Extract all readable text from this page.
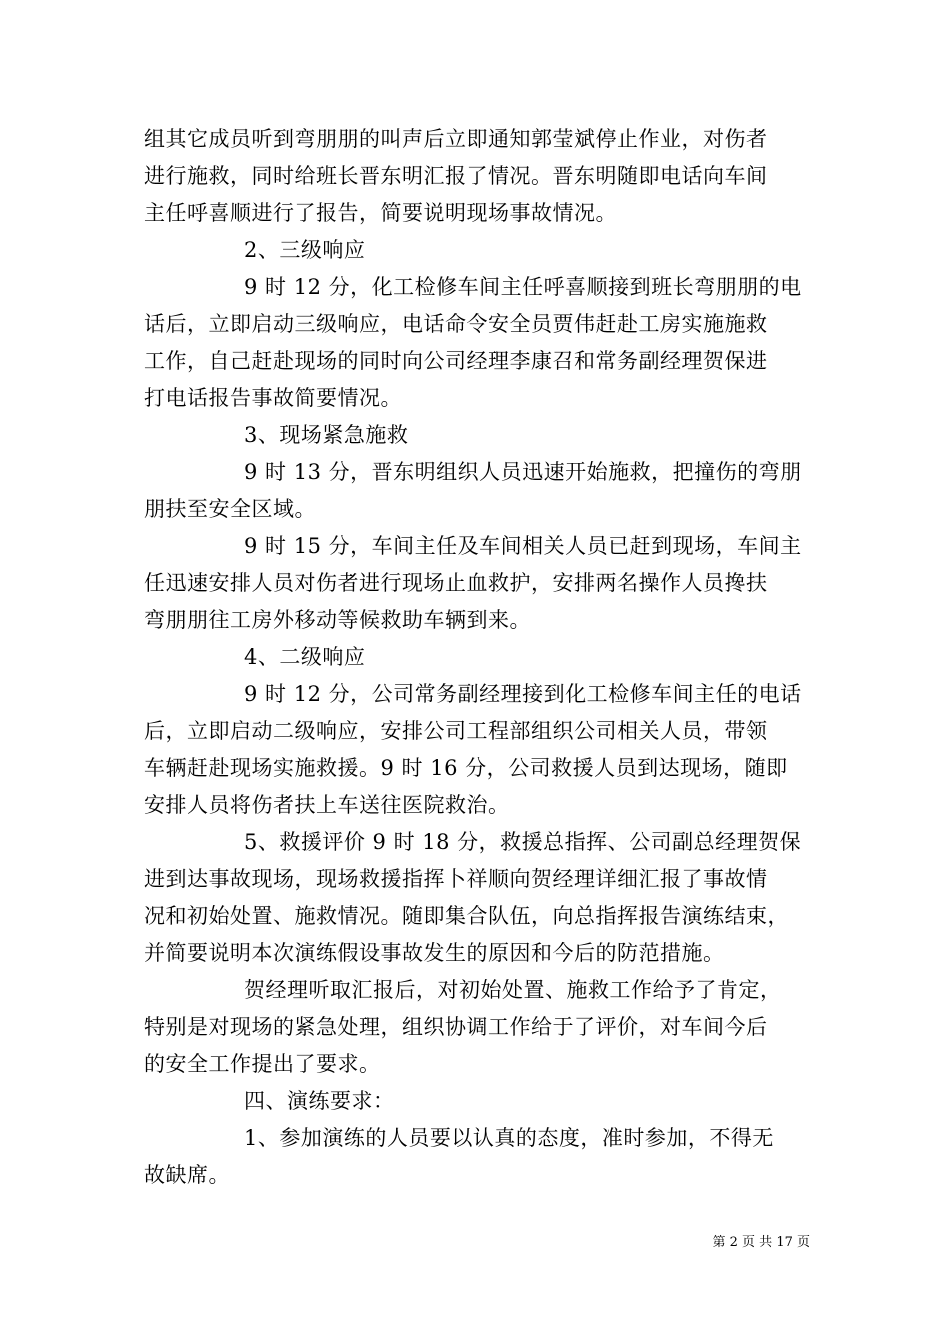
组其它成员听到弯朋朋的叫声后立即通知郭莹斌停止作业，对伤者
进行施救，同时给班长晋东明汇报了情况。晋东明随即电话向车间
主任呼喜顺进行了报告，简要说明现场事故情况。
2、三级响应
9 时 12 分，化工检修车间主任呼喜顺接到班长弯朋朋的电
话后，立即启动三级响应，电话命令安全员贾伟赶赴工房实施施救
工作，自己赶赴现场的同时向公司经理李康召和常务副经理贺保进
打电话报告事故简要情况。
3、现场紧急施救
9 时 13 分，晋东明组织人员迅速开始施救，把撞伤的弯朋
朋扶至安全区域。
9 时 15 分，车间主任及车间相关人员已赶到现场，车间主
任迅速安排人员对伤者进行现场止血救护，安排两名操作人员搀扶
弯朋朋往工房外移动等候救助车辆到来。
4、二级响应
9 时 12 分，公司常务副经理接到化工检修车间主任的电话
后，立即启动二级响应，安排公司工程部组织公司相关人员，带领
车辆赶赴现场实施救援。9 时 16 分，公司救援人员到达现场，随即
安排人员将伤者扶上车送往医院救治。
5、救援评价 9 时 18 分，救援总指挥、公司副总经理贺保
进到达事故现场，现场救援指挥卜祥顺向贺经理详细汇报了事故情
况和初始处置、施救情况。随即集合队伍，向总指挥报告演练结束，
并简要说明本次演练假设事故发生的原因和今后的防范措施。
贺经理听取汇报后，对初始处置、施救工作给予了肯定，
特别是对现场的紧急处理，组织协调工作给于了评价，对车间今后
的安全工作提出了要求。
四、演练要求：
1、参加演练的人员要以认真的态度，准时参加，不得无
故缺席。
第 2 页 共 17 页
